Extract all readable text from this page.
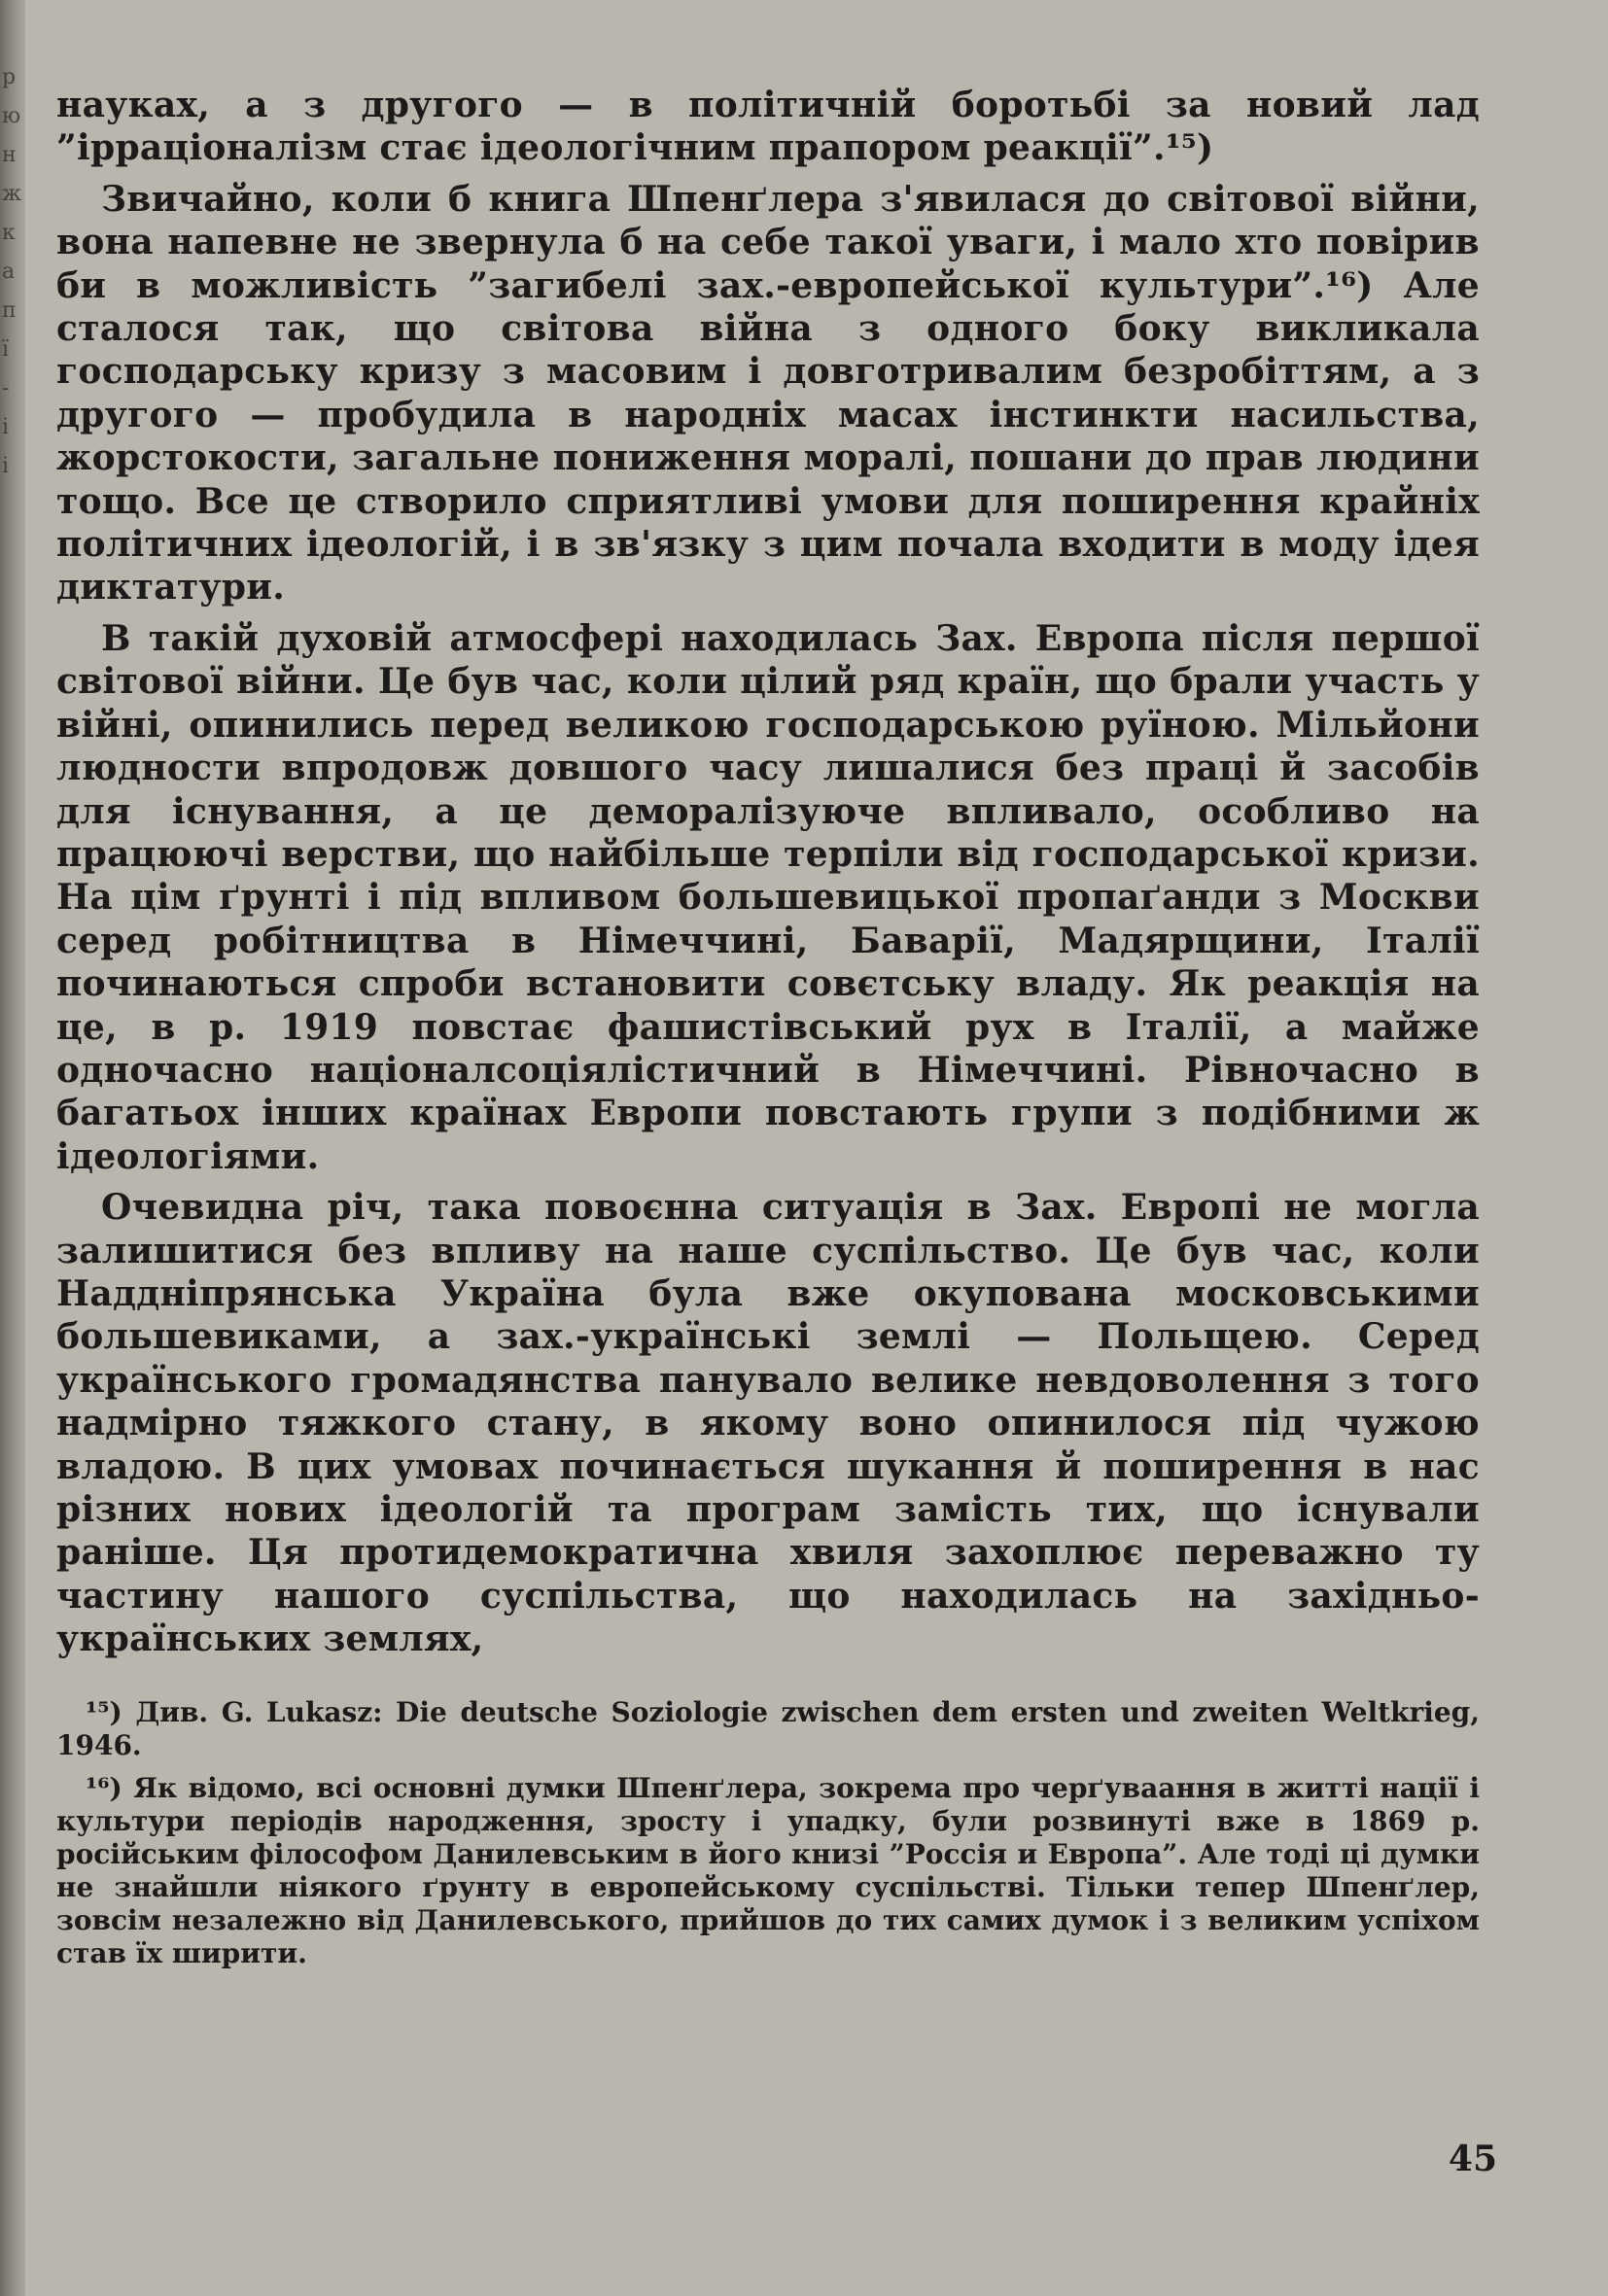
р
ю
н
ж
к
а
п
ї
-
і
і

науках, а з другого — в політичній боротьбі за новий лад ”ірраціоналізм стає ідеологічним прапором реакції”.¹⁵)

Звичайно, коли б книга Шпенґлера з'явилася до світової війни, вона напевне не звернула б на себе такої уваги, і мало хто повірив би в можливість ”загибелі зах.-европейської культури”.¹⁶) Але сталося так, що світова війна з одного боку викликала господарську кризу з масовим і довготривалим безробіттям, а з другого — пробудила в народніх масах інстинкти насильства, жорстокости, загальне пониження моралі, пошани до прав людини тощо. Все це створило сприятливі умови для поширення крайніх політичних ідеологій, і в зв'язку з цим почала входити в моду ідея диктатури.

В такій духовій атмосфері находилась Зах. Европа після першої світової війни. Це був час, коли цілий ряд країн, що брали участь у війні, опинились перед великою господарською руїною. Мільйони людности впродовж довшого часу лишалися без праці й засобів для існування, а це деморалізуюче впливало, особливо на працюючі верстви, що найбільше терпіли від господарської кризи. На цім ґрунті і під впливом большевицької пропаґанди з Москви серед робітництва в Німеччині, Баварії, Мадярщини, Італії починаються спроби встановити совєтську владу. Як реакція на це, в р. 1919 повстає фашистівський рух в Італії, а майже одночасно націоналсоціялістичний в Німеччині. Рівночасно в багатьох інших країнах Европи повстають групи з подібними ж ідеологіями.

Очевидна річ, така повоєнна ситуація в Зах. Европі не могла залишитися без впливу на наше суспільство. Це був час, коли Наддніпрянська Україна була вже окупована московськими большевиками, а зах.-українські землі — Польщею. Серед українського громадянства панувало велике невдоволення з того надмірно тяжкого стану, в якому воно опинилося під чужою владою. В цих умовах починається шукання й поширення в нас різних нових ідеологій та програм замість тих, що існували раніше. Ця протидемократична хвиля захоплює переважно ту частину нашого суспільства, що находилась на західньо-українських землях,

¹⁵) Див. G. Lukasz: Die deutsche Soziologie zwischen dem ersten und zweiten Weltkrieg, 1946.

¹⁶) Як відомо, всі основні думки Шпенґлера, зокрема про черґуваання в житті нації і культури періодів народження, зросту і упадку, були розвинуті вже в 1869 р. російським філософом Данилевським в його книзі ”Россія и Европа”. Але тоді ці думки не знайшли ніякого ґрунту в европейському суспільстві. Тільки тепер Шпенґлер, зовсім незалежно від Данилевського, прийшов до тих самих думок і з великим успіхом став їх ширити.

45
